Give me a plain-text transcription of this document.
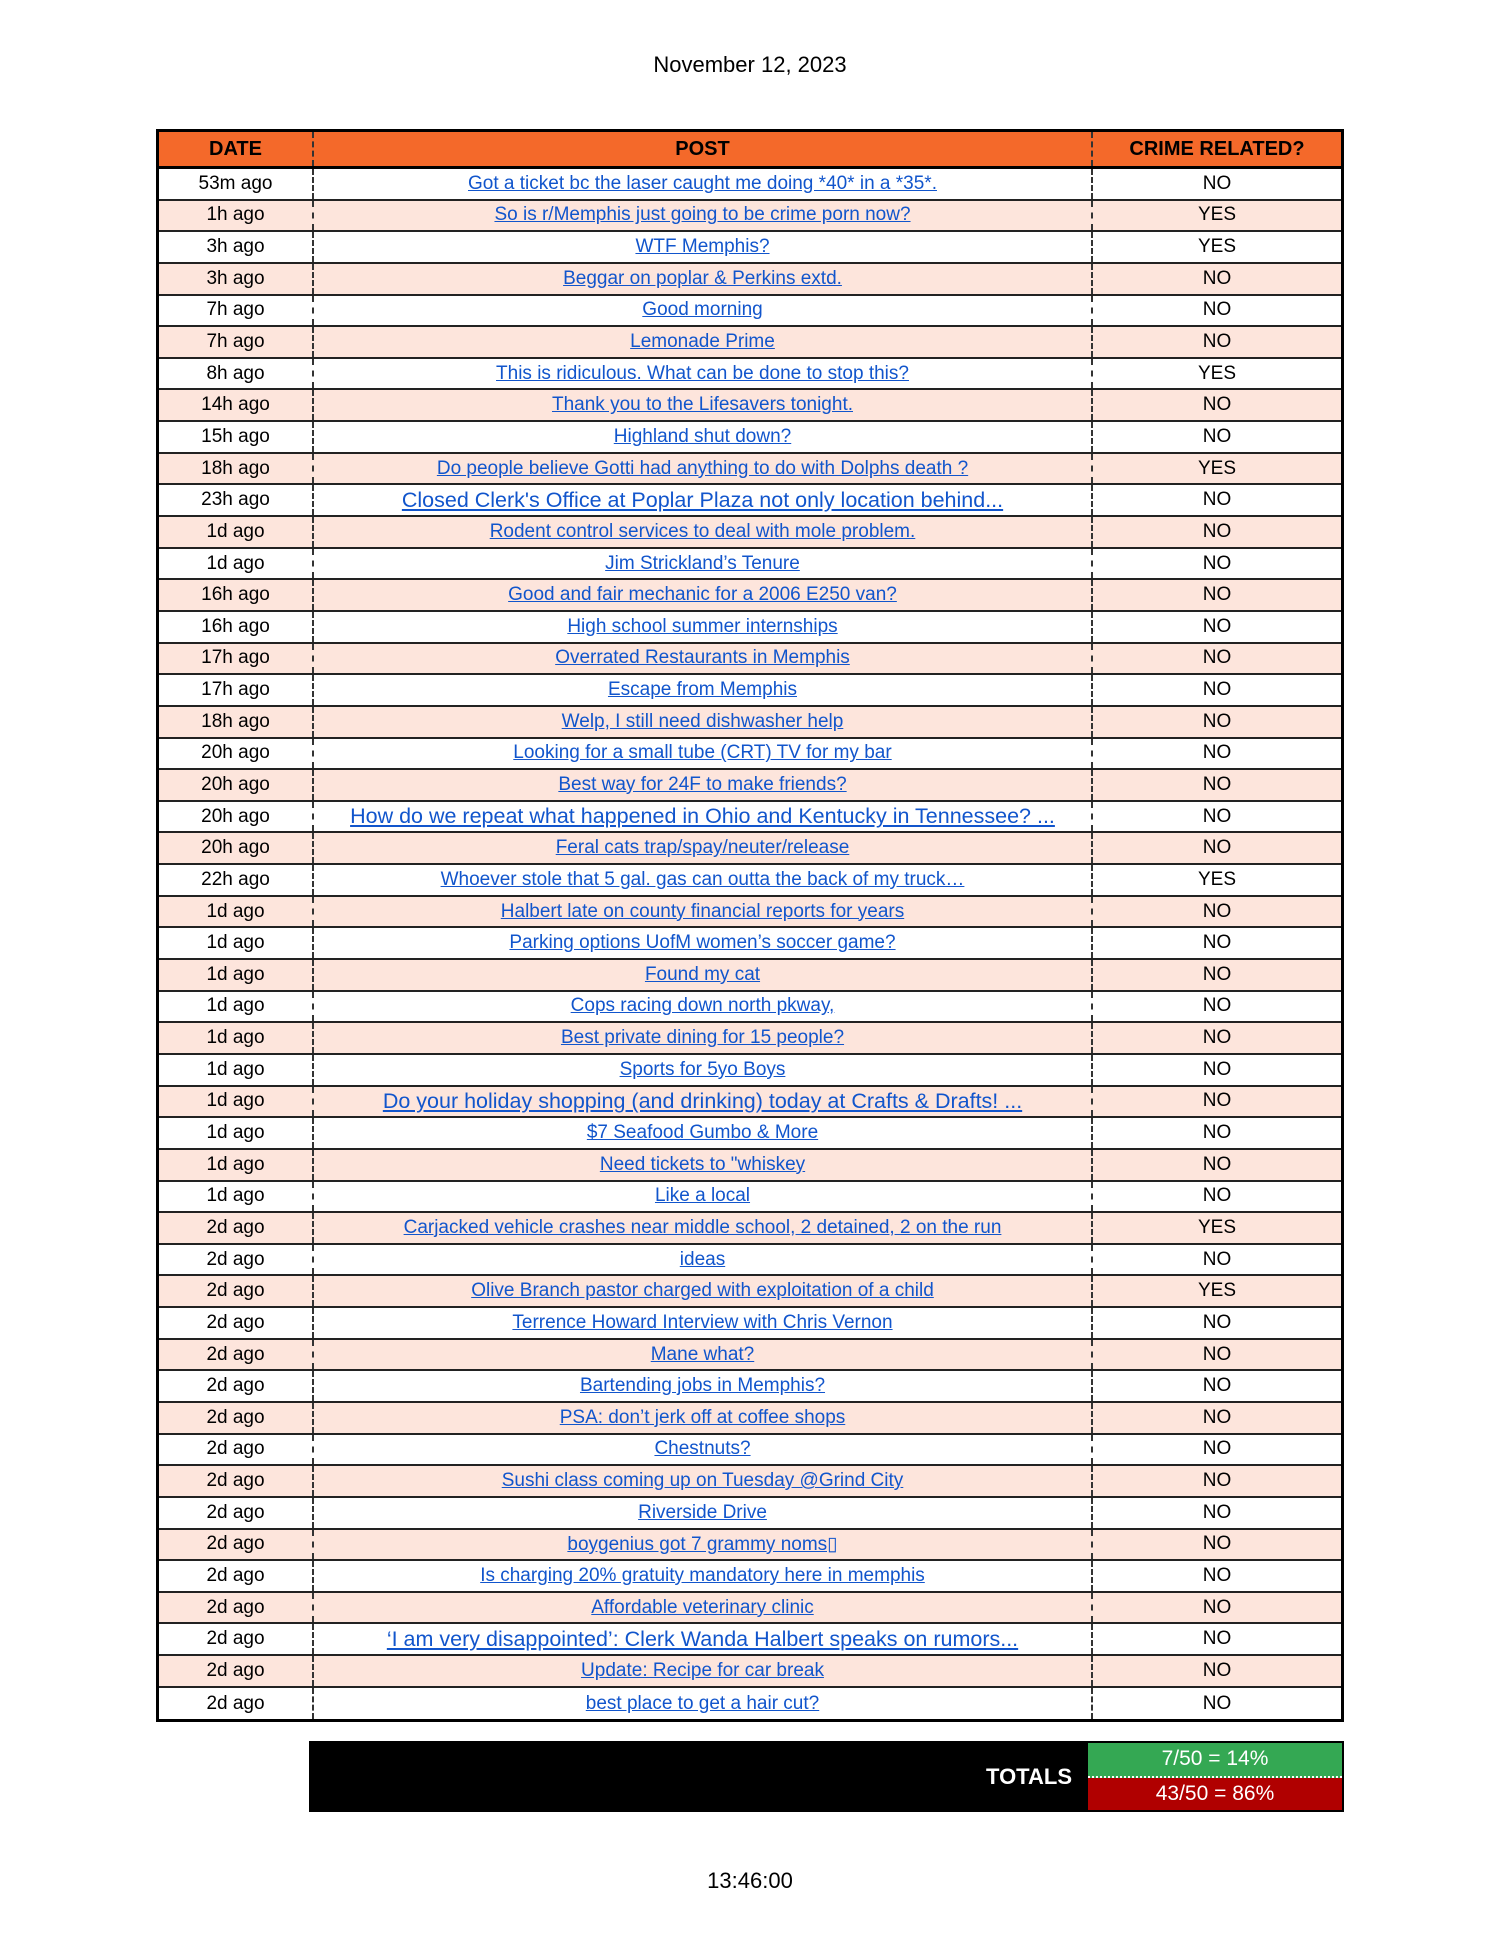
November 12, 2023
DATE	POST	CRIME RELATED?
53m ago	Got a ticket bc the laser caught me doing *40* in a *35*.	NO
1h ago	So is r/Memphis just going to be crime porn now?	YES
3h ago	WTF Memphis?	YES
3h ago	Beggar on poplar & Perkins extd.	NO
7h ago	Good morning	NO
7h ago	Lemonade Prime	NO
8h ago	This is ridiculous. What can be done to stop this?	YES
14h ago	Thank you to the Lifesavers tonight.	NO
15h ago	Highland shut down?	NO
18h ago	Do people believe Gotti had anything to do with Dolphs death ?	YES
23h ago	Closed Clerk's Office at Poplar Plaza not only location behind...	NO
1d ago	Rodent control services to deal with mole problem.	NO
1d ago	Jim Strickland’s Tenure	NO
16h ago	Good and fair mechanic for a 2006 E250 van?	NO
16h ago	High school summer internships	NO
17h ago	Overrated Restaurants in Memphis	NO
17h ago	Escape from Memphis	NO
18h ago	Welp, I still need dishwasher help	NO
20h ago	Looking for a small tube (CRT) TV for my bar	NO
20h ago	Best way for 24F to make friends?	NO
20h ago	How do we repeat what happened in Ohio and Kentucky in Tennessee? ...	NO
20h ago	Feral cats trap/spay/neuter/release	NO
22h ago	Whoever stole that 5 gal. gas can outta the back of my truck…	YES
1d ago	Halbert late on county financial reports for years	NO
1d ago	Parking options UofM women’s soccer game?	NO
1d ago	Found my cat	NO
1d ago	Cops racing down north pkway,	NO
1d ago	Best private dining for 15 people?	NO
1d ago	Sports for 5yo Boys	NO
1d ago	Do your holiday shopping (and drinking) today at Crafts & Drafts! ...	NO
1d ago	$7 Seafood Gumbo & More	NO
1d ago	Need tickets to "whiskey	NO
1d ago	Like a local	NO
2d ago	Carjacked vehicle crashes near middle school, 2 detained, 2 on the run	YES
2d ago	ideas	NO
2d ago	Olive Branch pastor charged with exploitation of a child	YES
2d ago	Terrence Howard Interview with Chris Vernon	NO
2d ago	Mane what?	NO
2d ago	Bartending jobs in Memphis?	NO
2d ago	PSA: don’t jerk off at coffee shops	NO
2d ago	Chestnuts?	NO
2d ago	Sushi class coming up on Tuesday @Grind City	NO
2d ago	Riverside Drive	NO
2d ago	boygenius got 7 grammy noms▯	NO
2d ago	Is charging 20% gratuity mandatory here in memphis	NO
2d ago	Affordable veterinary clinic	NO
2d ago	‘I am very disappointed’: Clerk Wanda Halbert speaks on rumors...	NO
2d ago	Update: Recipe for car break	NO
2d ago	best place to get a hair cut?	NO
TOTALS
7/50 = 14%
43/50 = 86%
13:46:00
